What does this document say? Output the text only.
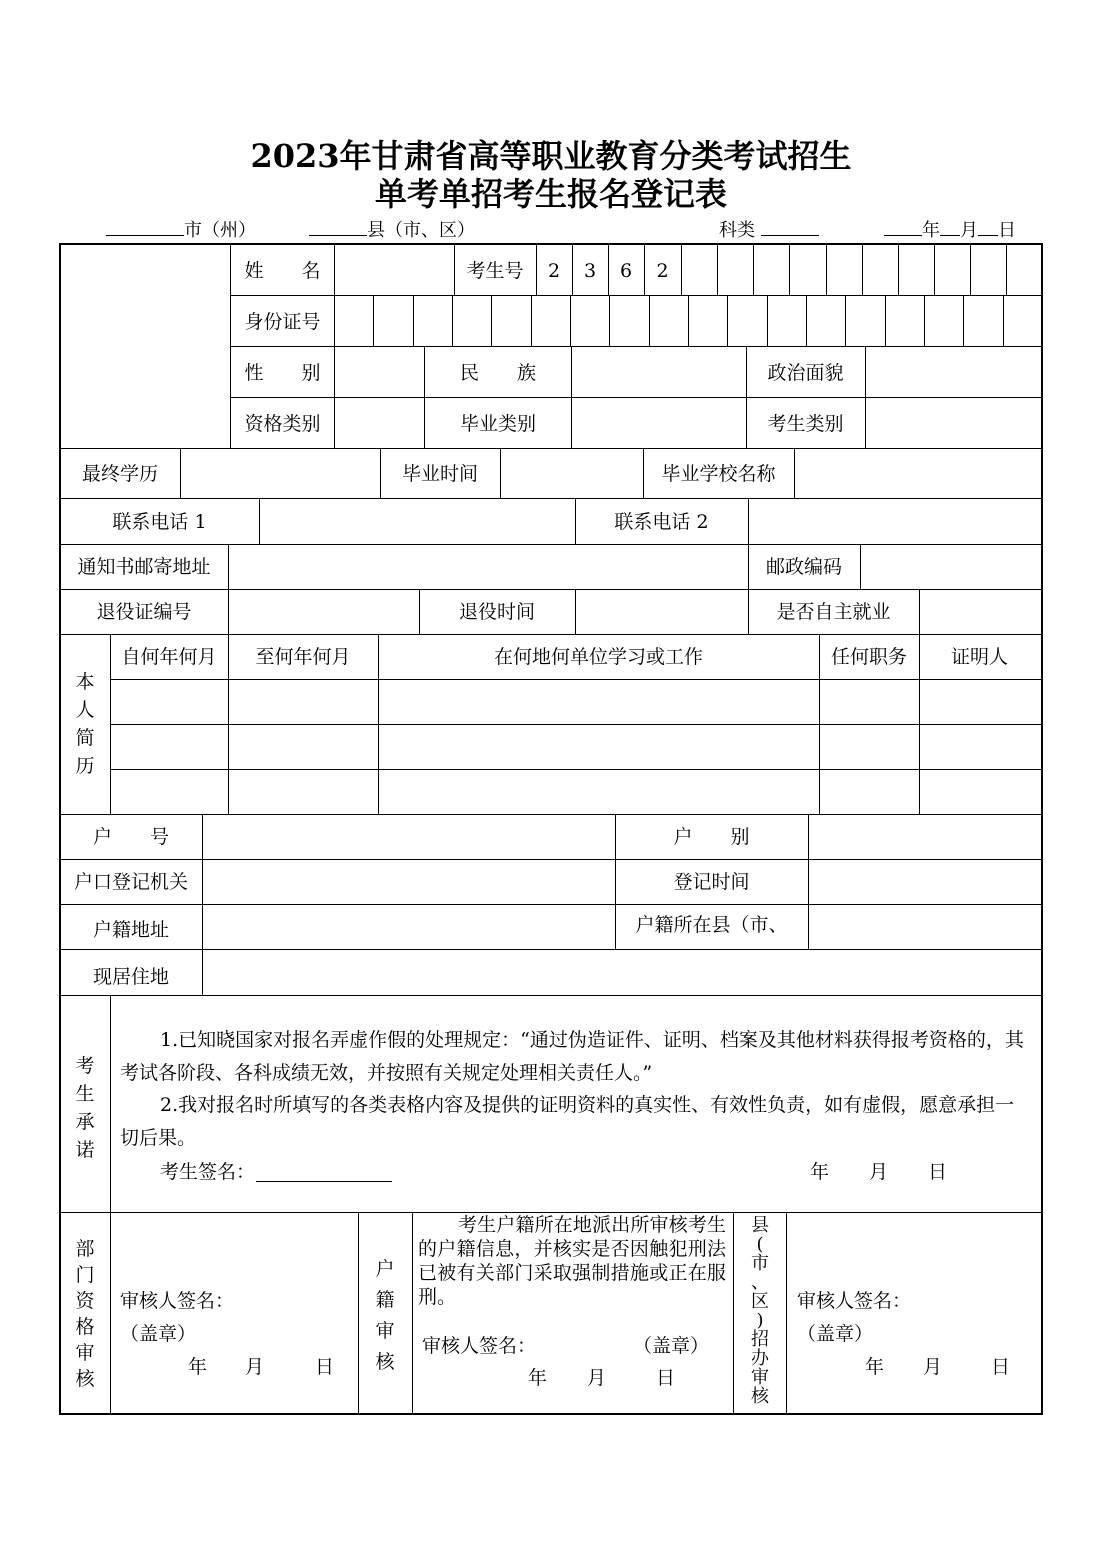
2023年甘肃省高等职业教育分类考试招生
单考单招考生报名登记表
市（州）	县（市、区）	科类	年 月 日
姓　　名	考生号	2	3	6	2
身份证号
性　　别	民　　族	政治面貌
资格类别	毕业类别	考生类别
最终学历	毕业时间	毕业学校名称
联系电话 1	联系电话 2
通知书邮寄地址	邮政编码
退役证编号	退役时间	是否自主就业
本
人
简
历
自何年何月	至何年何月	在何地何单位学习或工作	任何职务	证明人
户　　号	户　　别
户口登记机关	登记时间
户籍地址	户籍所在县（市、
现居住地
考
生
承
诺
1.已知晓国家对报名弄虚作假的处理规定：“通过伪造证件、证明、档案及其他材料获得报考资格的，其
考试各阶段、各科成绩无效，并按照有关规定处理相关责任人。”
2.我对报名时所填写的各类表格内容及提供的证明资料的真实性、有效性负责，如有虚假，愿意承担一
切后果。
考生签名：	年 月 日
部
门
资
格
审
核
审核人签名：
（盖章）
年 月	日
户
籍
审
核
考生户籍所在地派出所审核考生的户籍信息，并核实是否因触犯刑法已被有关部门采取强制措施或正在服刑。
审核人签名：	（盖章）
年 月	日
县
(
市
、
区
)
招
办
审
核
审核人签名：
（盖章）
年 月	日
